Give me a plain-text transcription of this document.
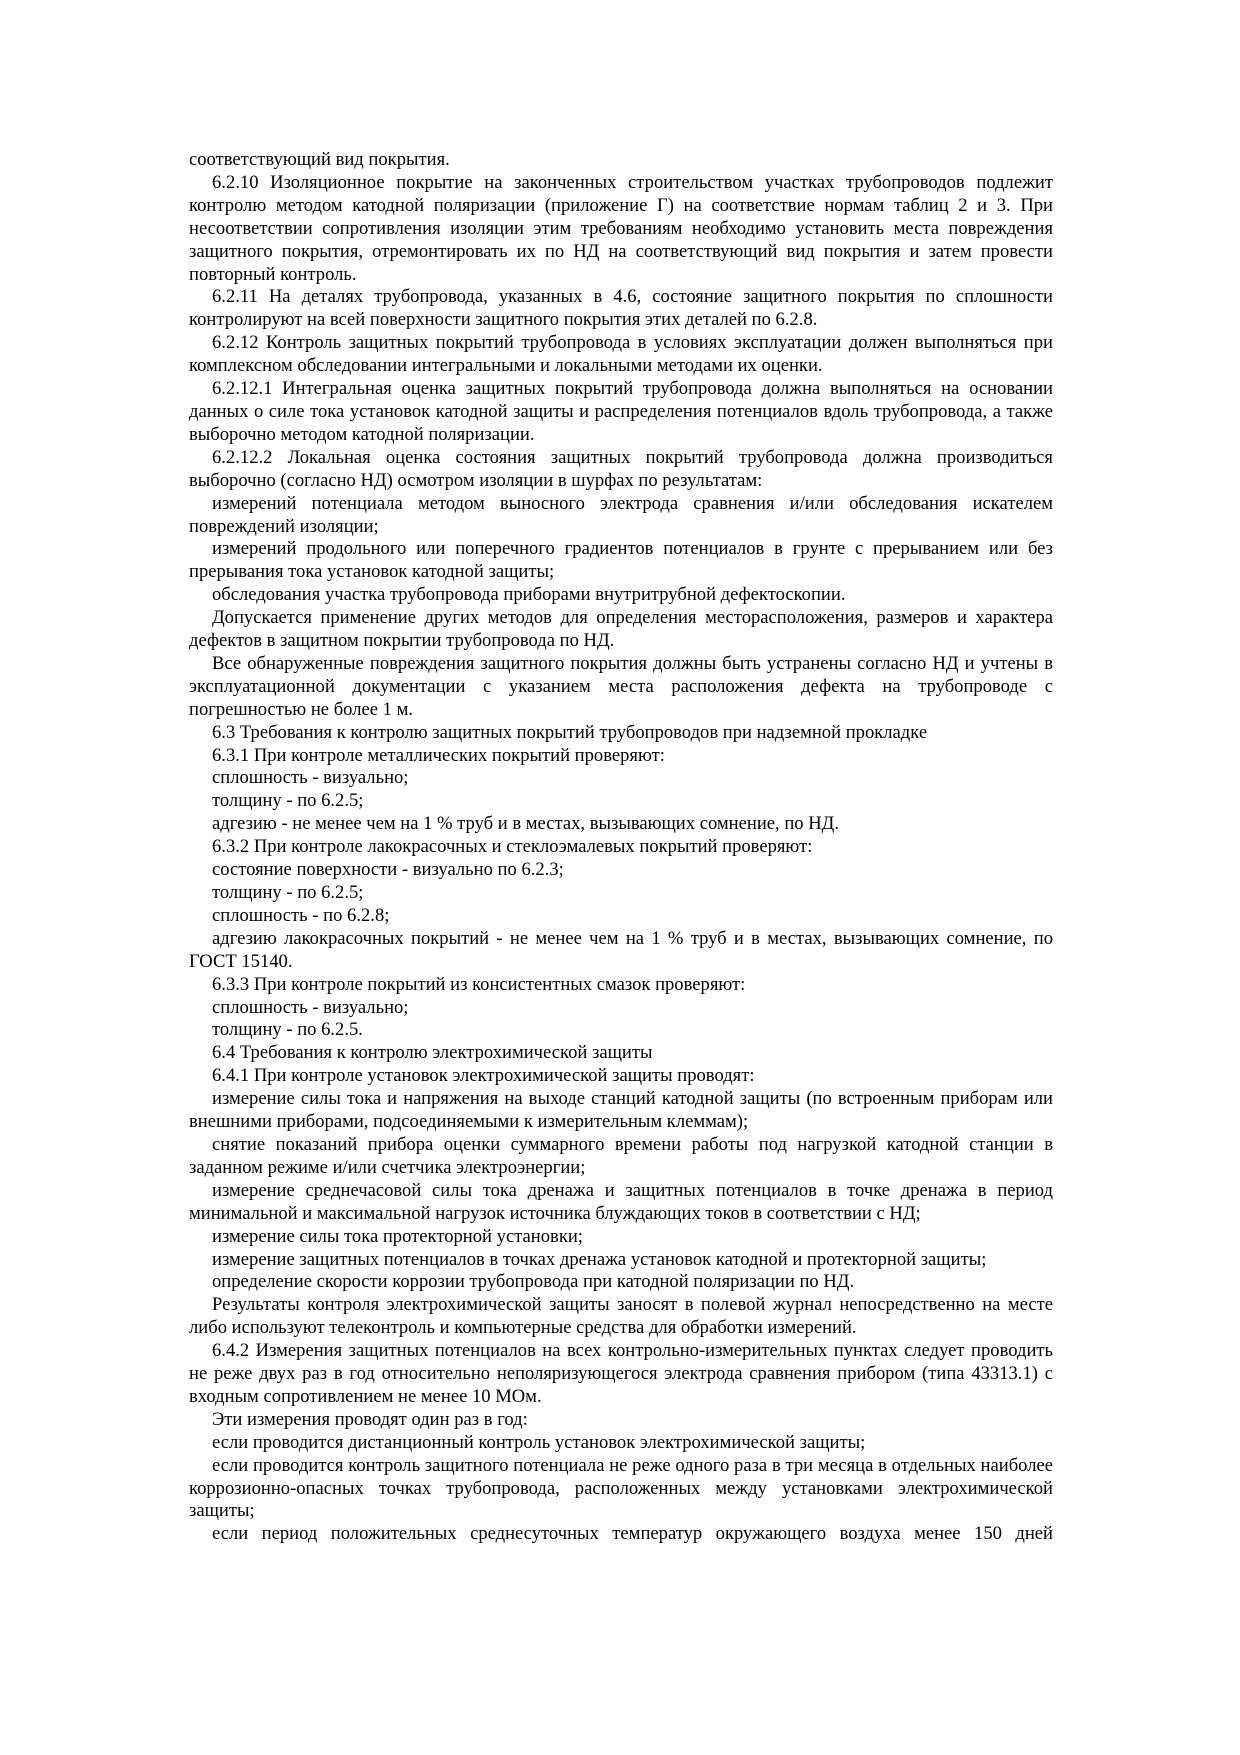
соответствующий вид покрытия.

6.2.10 Изоляционное покрытие на законченных строительством участках трубопроводов подлежит контролю методом катодной поляризации (приложение Г) на соответствие нормам таблиц 2 и 3. При несоответствии сопротивления изоляции этим требованиям необходимо установить места повреждения защитного покрытия, отремонтировать их по НД на соответствующий вид покрытия и затем провести повторный контроль.

6.2.11 На деталях трубопровода, указанных в 4.6, состояние защитного покрытия по сплошности контролируют на всей поверхности защитного покрытия этих деталей по 6.2.8.

6.2.12 Контроль защитных покрытий трубопровода в условиях эксплуатации должен выполняться при комплексном обследовании интегральными и локальными методами их оценки.

6.2.12.1 Интегральная оценка защитных покрытий трубопровода должна выполняться на основании данных о силе тока установок катодной защиты и распределения потенциалов вдоль трубопровода, а также выборочно методом катодной поляризации.

6.2.12.2 Локальная оценка состояния защитных покрытий трубопровода должна производиться выборочно (согласно НД) осмотром изоляции в шурфах по результатам:

измерений потенциала методом выносного электрода сравнения и/или обследования искателем повреждений изоляции;

измерений продольного или поперечного градиентов потенциалов в грунте с прерыванием или без прерывания тока установок катодной защиты;

обследования участка трубопровода приборами внутритрубной дефектоскопии.

Допускается применение других методов для определения месторасположения, размеров и характера дефектов в защитном покрытии трубопровода по НД.

Все обнаруженные повреждения защитного покрытия должны быть устранены согласно НД и учтены в эксплуатационной документации с указанием места расположения дефекта на трубопроводе с погрешностью не более 1 м.

6.3 Требования к контролю защитных покрытий трубопроводов при надземной прокладке

6.3.1 При контроле металлических покрытий проверяют:

сплошность - визуально;

толщину - по 6.2.5;

адгезию - не менее чем на 1 % труб и в местах, вызывающих сомнение, по НД.

6.3.2 При контроле лакокрасочных и стеклоэмалевых покрытий проверяют:

состояние поверхности - визуально по 6.2.3;

толщину - по 6.2.5;

сплошность - по 6.2.8;

адгезию лакокрасочных покрытий - не менее чем на 1 % труб и в местах, вызывающих сомнение, по ГОСТ 15140.

6.3.3 При контроле покрытий из консистентных смазок проверяют:

сплошность - визуально;

толщину - по 6.2.5.

6.4 Требования к контролю электрохимической защиты

6.4.1 При контроле установок электрохимической защиты проводят:

измерение силы тока и напряжения на выходе станций катодной защиты (по встроенным приборам или внешними приборами, подсоединяемыми к измерительным клеммам);

снятие показаний прибора оценки суммарного времени работы под нагрузкой катодной станции в заданном режиме и/или счетчика электроэнергии;

измерение среднечасовой силы тока дренажа и защитных потенциалов в точке дренажа в период минимальной и максимальной нагрузок источника блуждающих токов в соответствии с НД;

измерение силы тока протекторной установки;

измерение защитных потенциалов в точках дренажа установок катодной и протекторной защиты;

определение скорости коррозии трубопровода при катодной поляризации по НД.

Результаты контроля электрохимической защиты заносят в полевой журнал непосредственно на месте либо используют телеконтроль и компьютерные средства для обработки измерений.

6.4.2 Измерения защитных потенциалов на всех контрольно-измерительных пунктах следует проводить не реже двух раз в год относительно неполяризующегося электрода сравнения прибором (типа 43313.1) с входным сопротивлением не менее 10 МОм.

Эти измерения проводят один раз в год:

если проводится дистанционный контроль установок электрохимической защиты;

если проводится контроль защитного потенциала не реже одного раза в три месяца в отдельных наиболее коррозионно-опасных точках трубопровода, расположенных между установками электрохимической защиты;

если период положительных среднесуточных температур окружающего воздуха менее 150 дней
